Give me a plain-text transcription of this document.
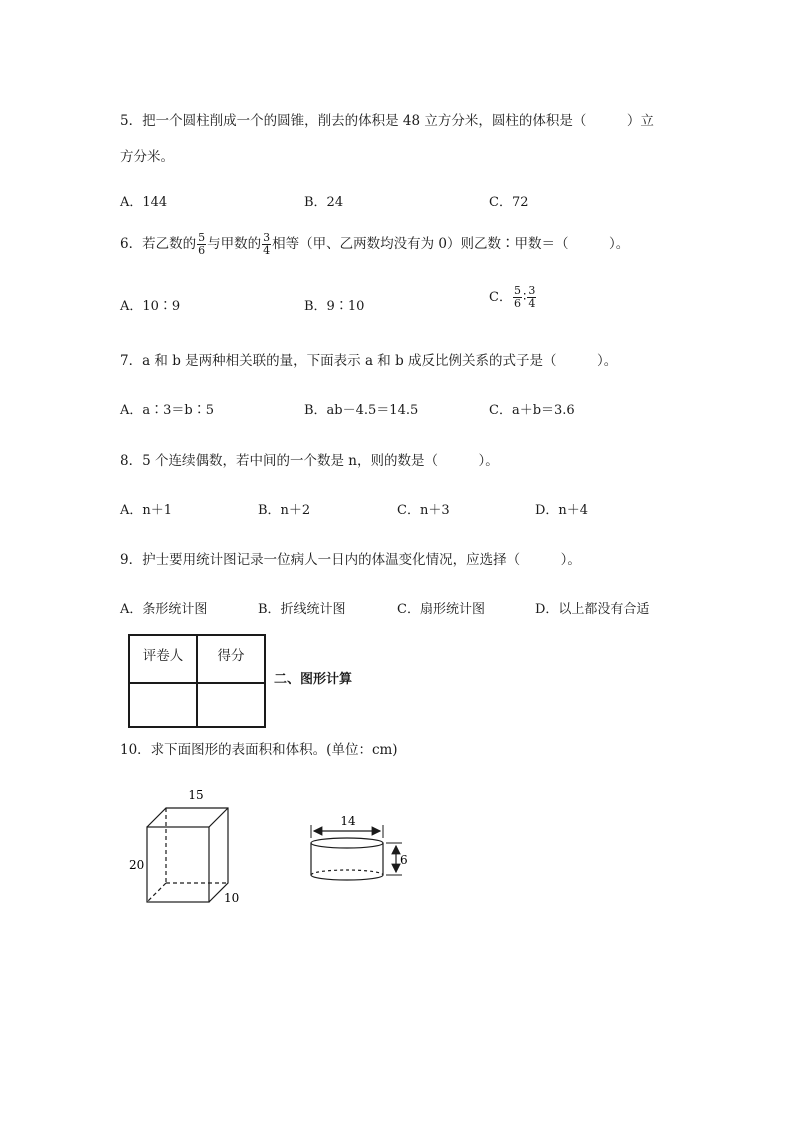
5．把一个圆柱削成一个的圆锥，削去的体积是 48 立方分米，圆柱的体积是（　　　）立
方分米。
A．144	B．24	C．72
6．若乙数的 $\frac{5}{6}$ 与甲数的 $\frac{3}{4}$ 相等（甲、乙两数均没有为 0）则乙数∶甲数＝（　　　）。
A．10∶9	B．9∶10
C． $\frac{5}{6}$ ∶ $\frac{3}{4}$
7．a 和 b 是两种相关联的量，下面表示 a 和 b 成反比例关系的式子是（　　　）。
A．a∶3＝b∶5	B．ab－4.5＝14.5	C．a＋b＝3.6
8．5 个连续偶数，若中间的一个数是 n，则的数是（　　　）。
A．n＋1	B．n＋2	C．n＋3	D．n＋4
9．护士要用统计图记录一位病人一日内的体温变化情况，应选择（　　　）。
A．条形统计图	B．折线统计图	C．扇形统计图	D．以上都没有合适
评卷人	得分

二、图形计算
10．求下面图形的表面积和体积。(单位：cm)
15
20
10
14
6
